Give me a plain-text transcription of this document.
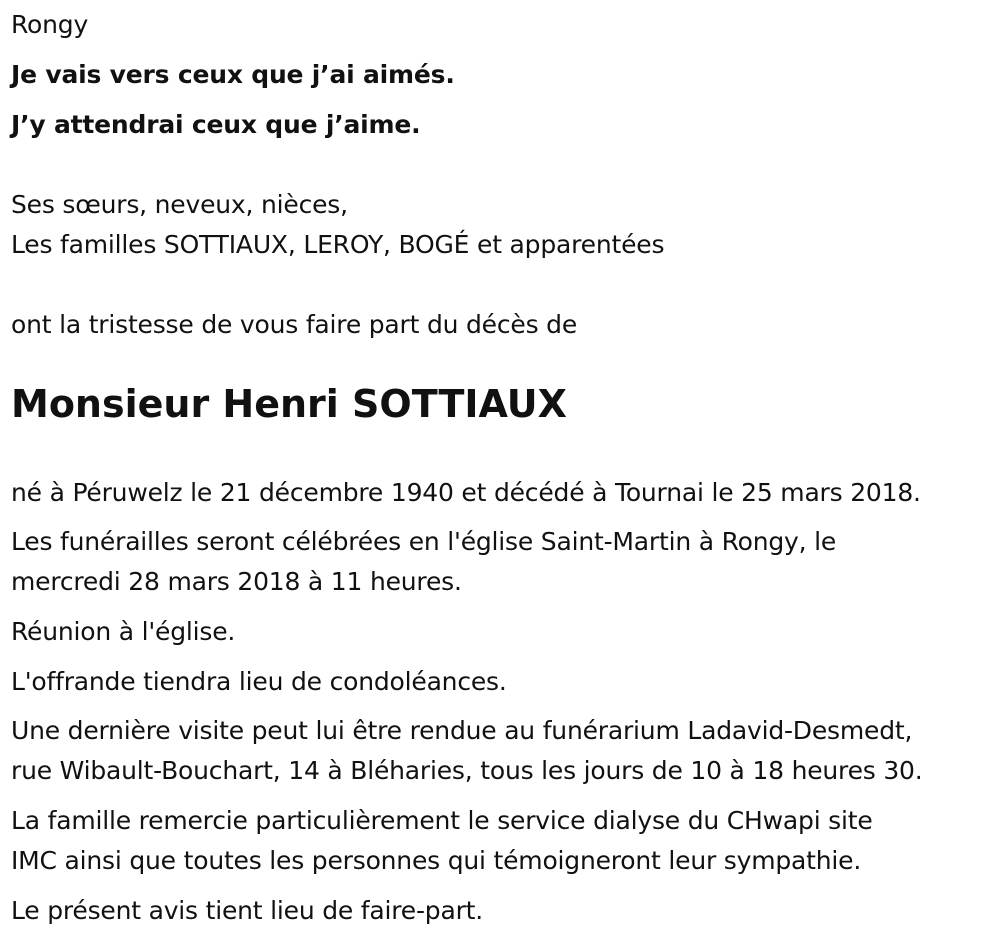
Rongy

Je vais vers ceux que j’ai aimés.

J’y attendrai ceux que j’aime.

Ses sœurs, neveux, nièces,

Les familles SOTTIAUX, LEROY, BOGÉ et apparentées

ont la tristesse de vous faire part du décès de

Monsieur Henri SOTTIAUX

né à Péruwelz le 21 décembre 1940 et décédé à Tournai le 25 mars 2018.

Les funérailles seront célébrées en l'église Saint-Martin à Rongy, le

mercredi 28 mars 2018 à 11 heures.

Réunion à l'église.

L'offrande tiendra lieu de condoléances.

Une dernière visite peut lui être rendue au funérarium Ladavid-Desmedt,

rue Wibault-Bouchart, 14 à Bléharies, tous les jours de 10 à 18 heures 30.

La famille remercie particulièrement le service dialyse du CHwapi site

IMC ainsi que toutes les personnes qui témoigneront leur sympathie.

Le présent avis tient lieu de faire-part.
